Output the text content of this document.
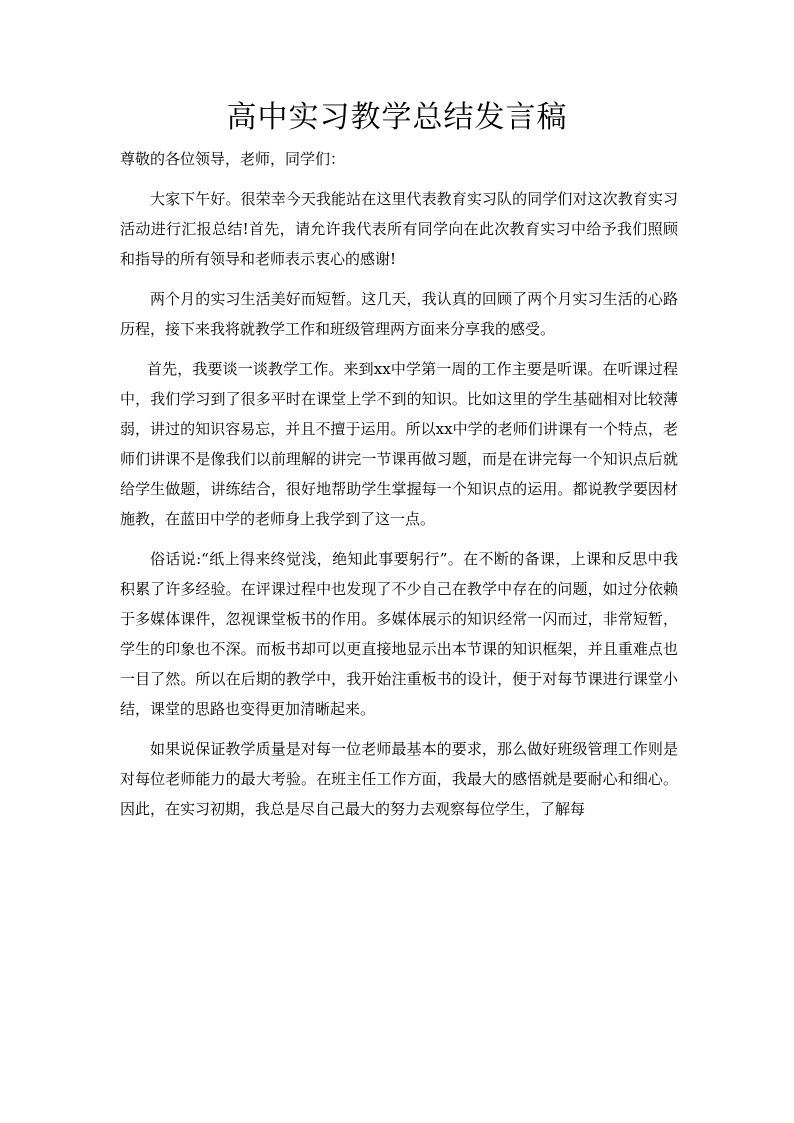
高中实习教学总结发言稿

尊敬的各位领导，老师，同学们：

大家下午好。很荣幸今天我能站在这里代表教育实习队的同学们对这次教育实习活动进行汇报总结!首先，请允许我代表所有同学向在此次教育实习中给予我们照顾和指导的所有领导和老师表示衷心的感谢!

两个月的实习生活美好而短暂。这几天，我认真的回顾了两个月实习生活的心路历程，接下来我将就教学工作和班级管理两方面来分享我的感受。

首先，我要谈一谈教学工作。来到xx中学第一周的工作主要是听课。在听课过程中，我们学习到了很多平时在课堂上学不到的知识。比如这里的学生基础相对比较薄弱，讲过的知识容易忘，并且不擅于运用。所以xx中学的老师们讲课有一个特点，老师们讲课不是像我们以前理解的讲完一节课再做习题，而是在讲完每一个知识点后就给学生做题，讲练结合，很好地帮助学生掌握每一个知识点的运用。都说教学要因材施教，在蓝田中学的老师身上我学到了这一点。

俗话说:“纸上得来终觉浅，绝知此事要躬行”。在不断的备课，上课和反思中我积累了许多经验。在评课过程中也发现了不少自己在教学中存在的问题，如过分依赖于多媒体课件，忽视课堂板书的作用。多媒体展示的知识经常一闪而过，非常短暂，学生的印象也不深。而板书却可以更直接地显示出本节课的知识框架，并且重难点也一目了然。所以在后期的教学中，我开始注重板书的设计，便于对每节课进行课堂小结，课堂的思路也变得更加清晰起来。

如果说保证教学质量是对每一位老师最基本的要求，那么做好班级管理工作则是对每位老师能力的最大考验。在班主任工作方面，我最大的感悟就是要耐心和细心。因此，在实习初期，我总是尽自己最大的努力去观察每位学生，了解每
